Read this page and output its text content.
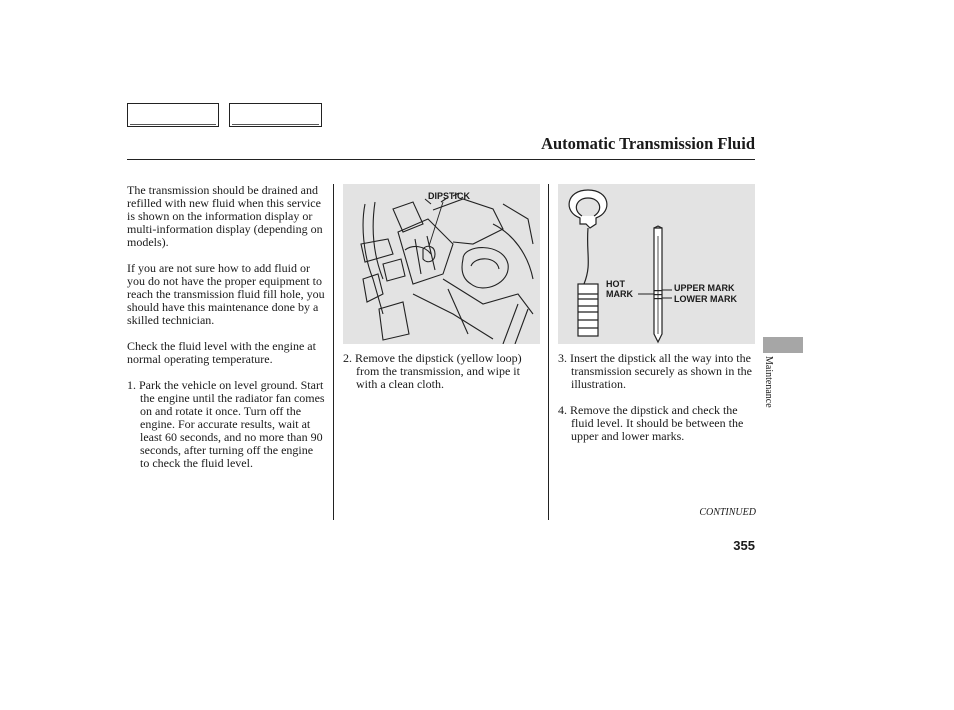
Automatic Transmission Fluid

The transmission should be drained and refilled with new fluid when this service is shown on the information display or multi-information display (depending on models).

If you are not sure how to add fluid or you do not have the proper equipment to reach the transmission fluid fill hole, you should have this maintenance done by a skilled technician.

Check the fluid level with the engine at normal operating temperature.

1. Park the vehicle on level ground. Start the engine until the radiator fan comes on and rotate it once. Turn off the engine. For accurate results, wait at least 60 seconds, and no more than 90 seconds, after turning off the engine to check the fluid level.

DIPSTICK

2. Remove the dipstick (yellow loop) from the transmission, and wipe it with a clean cloth.

HOT
MARK
UPPER MARK
LOWER MARK

3. Insert the dipstick all the way into the transmission securely as shown in the illustration.

4. Remove the dipstick and check the fluid level. It should be between the upper and lower marks.

CONTINUED
355
Maintenance
